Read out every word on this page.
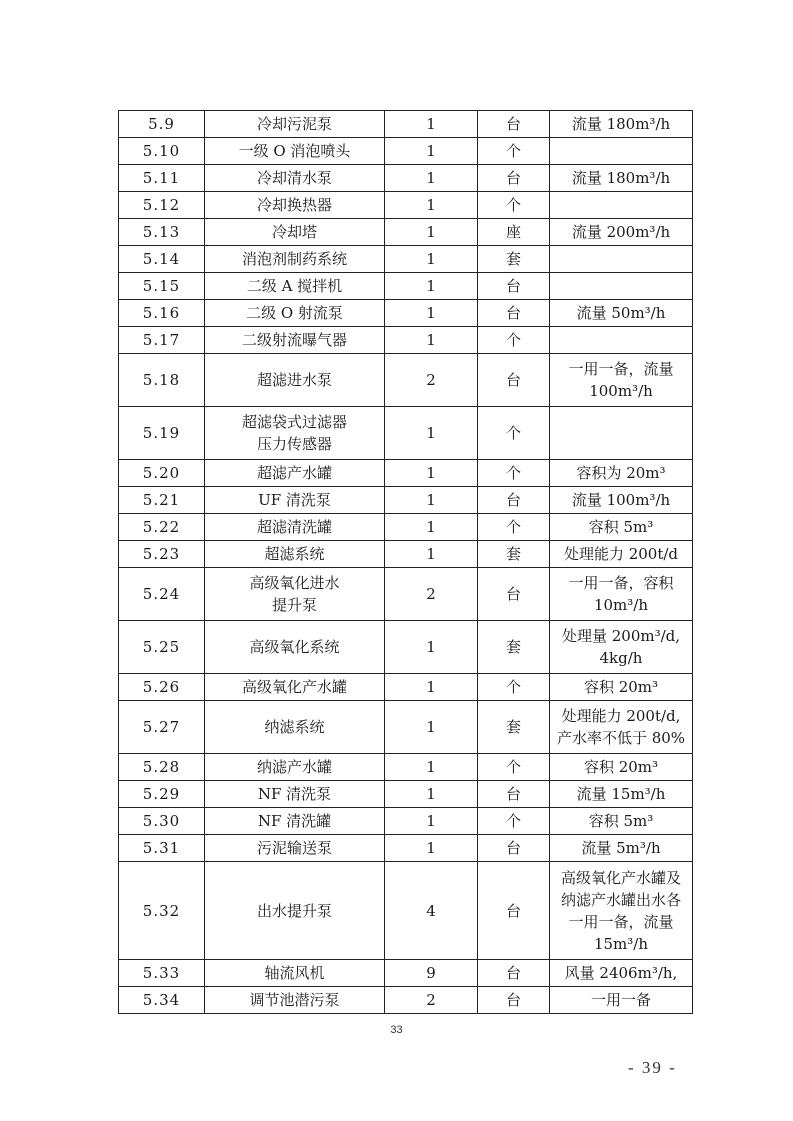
5.9	冷却污泥泵	1	台	流量 180m³/h
5.10	一级 O 消泡喷头	1	个	
5.11	冷却清水泵	1	台	流量 180m³/h
5.12	冷却换热器	1	个	
5.13	冷却塔	1	座	流量 200m³/h
5.14	消泡剂制药系统	1	套	
5.15	二级 A 搅拌机	1	台	
5.16	二级 O 射流泵	1	台	流量 50m³/h
5.17	二级射流曝气器	1	个	
5.18	超滤进水泵	2	台	一用一备，流量
100m³/h
5.19	超滤袋式过滤器
压力传感器	1	个	
5.20	超滤产水罐	1	个	容积为 20m³
5.21	UF 清洗泵	1	台	流量 100m³/h
5.22	超滤清洗罐	1	个	容积 5m³
5.23	超滤系统	1	套	处理能力 200t/d
5.24	高级氧化进水
提升泵	2	台	一用一备，容积
10m³/h
5.25	高级氧化系统	1	套	处理量 200m³/d,
4kg/h
5.26	高级氧化产水罐	1	个	容积 20m³
5.27	纳滤系统	1	套	处理能力 200t/d,
产水率不低于 80%
5.28	纳滤产水罐	1	个	容积 20m³
5.29	NF 清洗泵	1	台	流量 15m³/h
5.30	NF 清洗罐	1	个	容积 5m³
5.31	污泥输送泵	1	台	流量 5m³/h
5.32	出水提升泵	4	台	高级氧化产水罐及
纳滤产水罐出水各
一用一备，流量
15m³/h
5.33	轴流风机	9	台	风量 2406m³/h,
5.34	调节池潜污泵	2	台	一用一备
33
- 39 -
